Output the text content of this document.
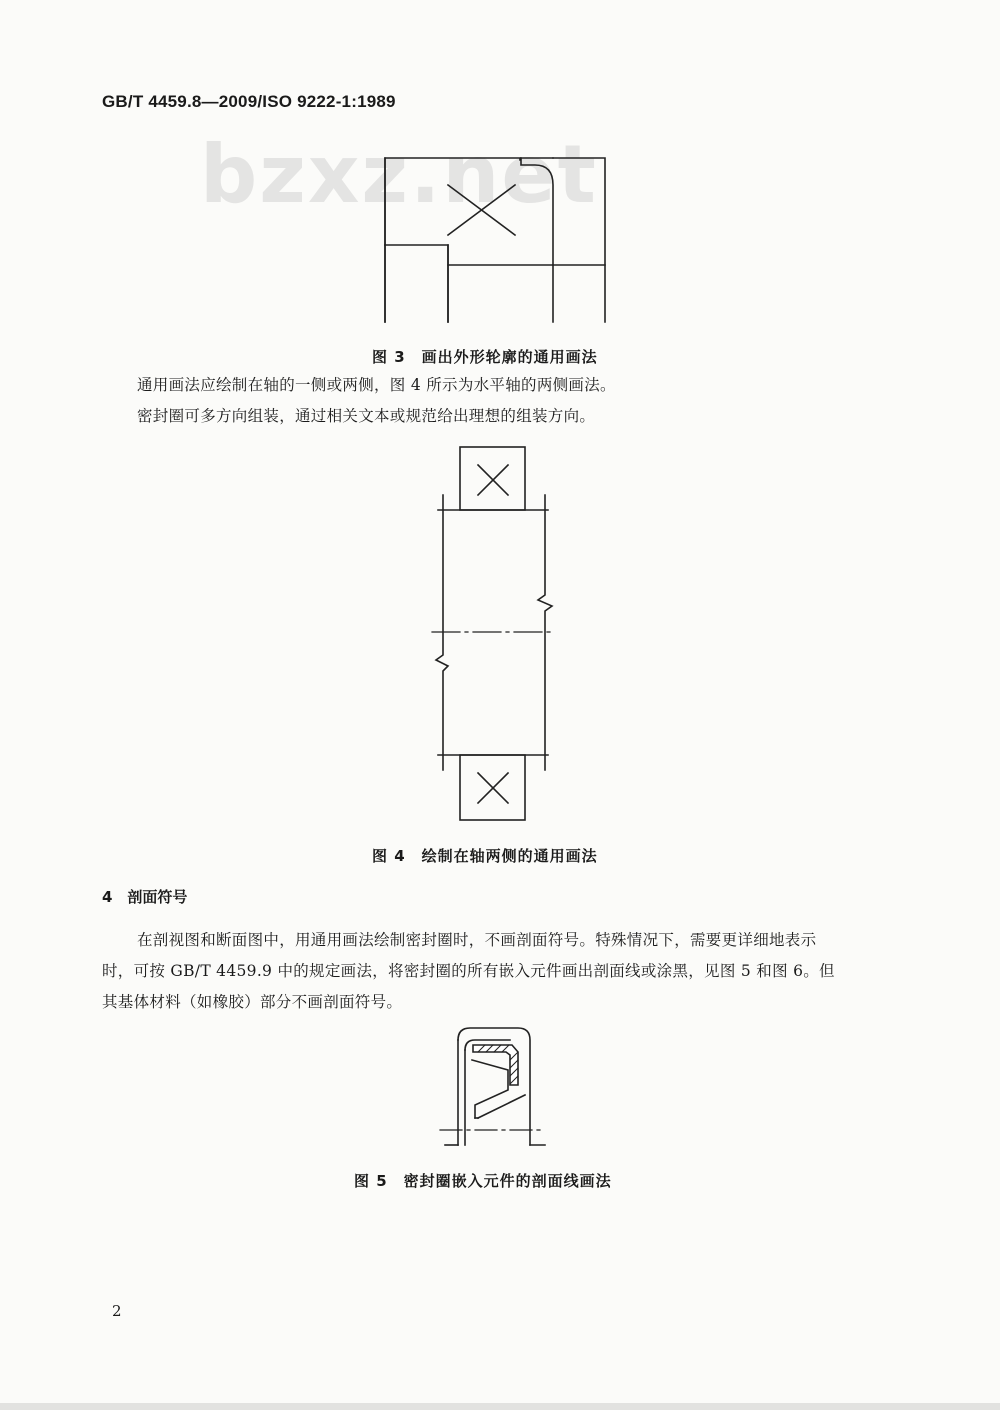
GB/T 4459.8—2009/ISO 9222-1:1989
bzxz.net
图 3　画出外形轮廓的通用画法
通用画法应绘制在轴的一侧或两侧，图 4 所示为水平轴的两侧画法。
密封圈可多方向组装，通过相关文本或规范给出理想的组装方向。
图 4　绘制在轴两侧的通用画法
4　剖面符号
在剖视图和断面图中，用通用画法绘制密封圈时，不画剖面符号。特殊情况下，需要更详细地表示
时，可按 GB/T 4459.9 中的规定画法，将密封圈的所有嵌入元件画出剖面线或涂黑，见图 5 和图 6。但
其基体材料（如橡胶）部分不画剖面符号。
图 5　密封圈嵌入元件的剖面线画法
2
